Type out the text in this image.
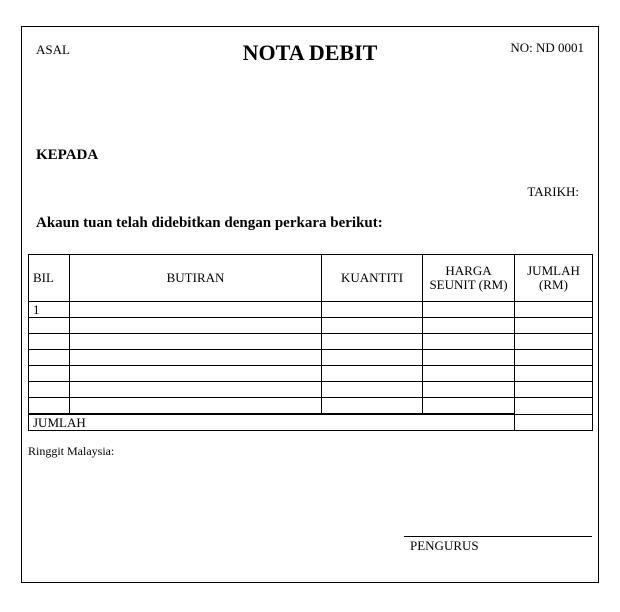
ASAL	NOTA DEBIT	NO: ND 0001
KEPADA
TARIKH:
Akaun tuan telah didebitkan dengan perkara berikut:
BIL	BUTIRAN	KUANTITI	HARGA SEUNIT (RM)	JUMLAH (RM)
1				

JUMLAH				
Ringgit Malaysia:
PENGURUS
